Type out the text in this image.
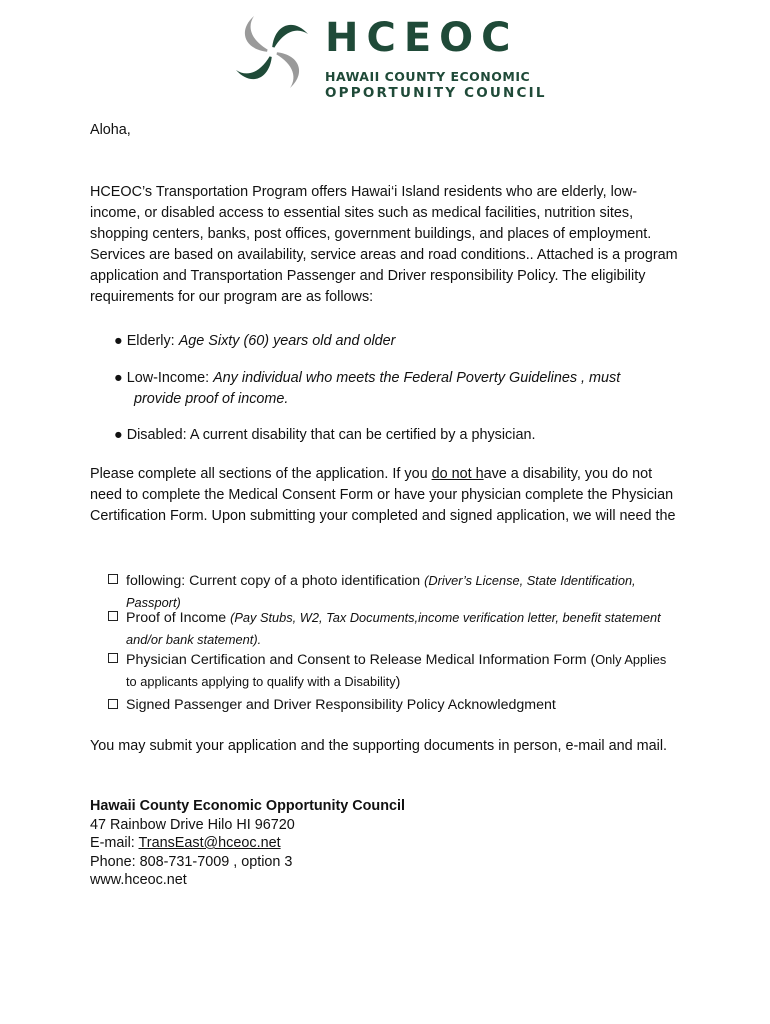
HCEOC
HAWAII COUNTY ECONOMIC
OPPORTUNITY COUNCIL

Aloha,

HCEOC’s Transportation Program offers Hawai‘i Island residents who are elderly, low-income, or disabled access to essential sites such as medical facilities, nutrition sites, shopping centers, banks, post offices, government buildings, and places of employment. Services are based on availability, service areas and road conditions.. Attached is a program application and Transportation Passenger and Driver responsibility Policy. The eligibility requirements for our program are as follows:

● Elderly: Age Sixty (60) years old and older

● Low-Income: Any individual who meets the Federal Poverty Guidelines , must
provide proof of income.

● Disabled: A current disability that can be certified by a physician.

Please complete all sections of the application. If you do not have a disability, you do not need to complete the Medical Consent Form or have your physician complete the Physician Certification Form. Upon submitting your completed and signed application, we will need the

following: Current copy of a photo identification (Driver’s License, State Identification, Passport)
Proof of Income (Pay Stubs, W2, Tax Documents,income verification letter, benefit statement and/or bank statement).
Physician Certification and Consent to Release Medical Information Form (Only Applies to applicants applying to qualify with a Disability)
Signed Passenger and Driver Responsibility Policy Acknowledgment

You may submit your application and the supporting documents in person, e-mail and mail.

Hawaii County Economic Opportunity Council
47 Rainbow Drive Hilo HI 96720
E-mail: TransEast@hceoc.net
Phone: 808-731-7009 , option 3
www.hceoc.net
